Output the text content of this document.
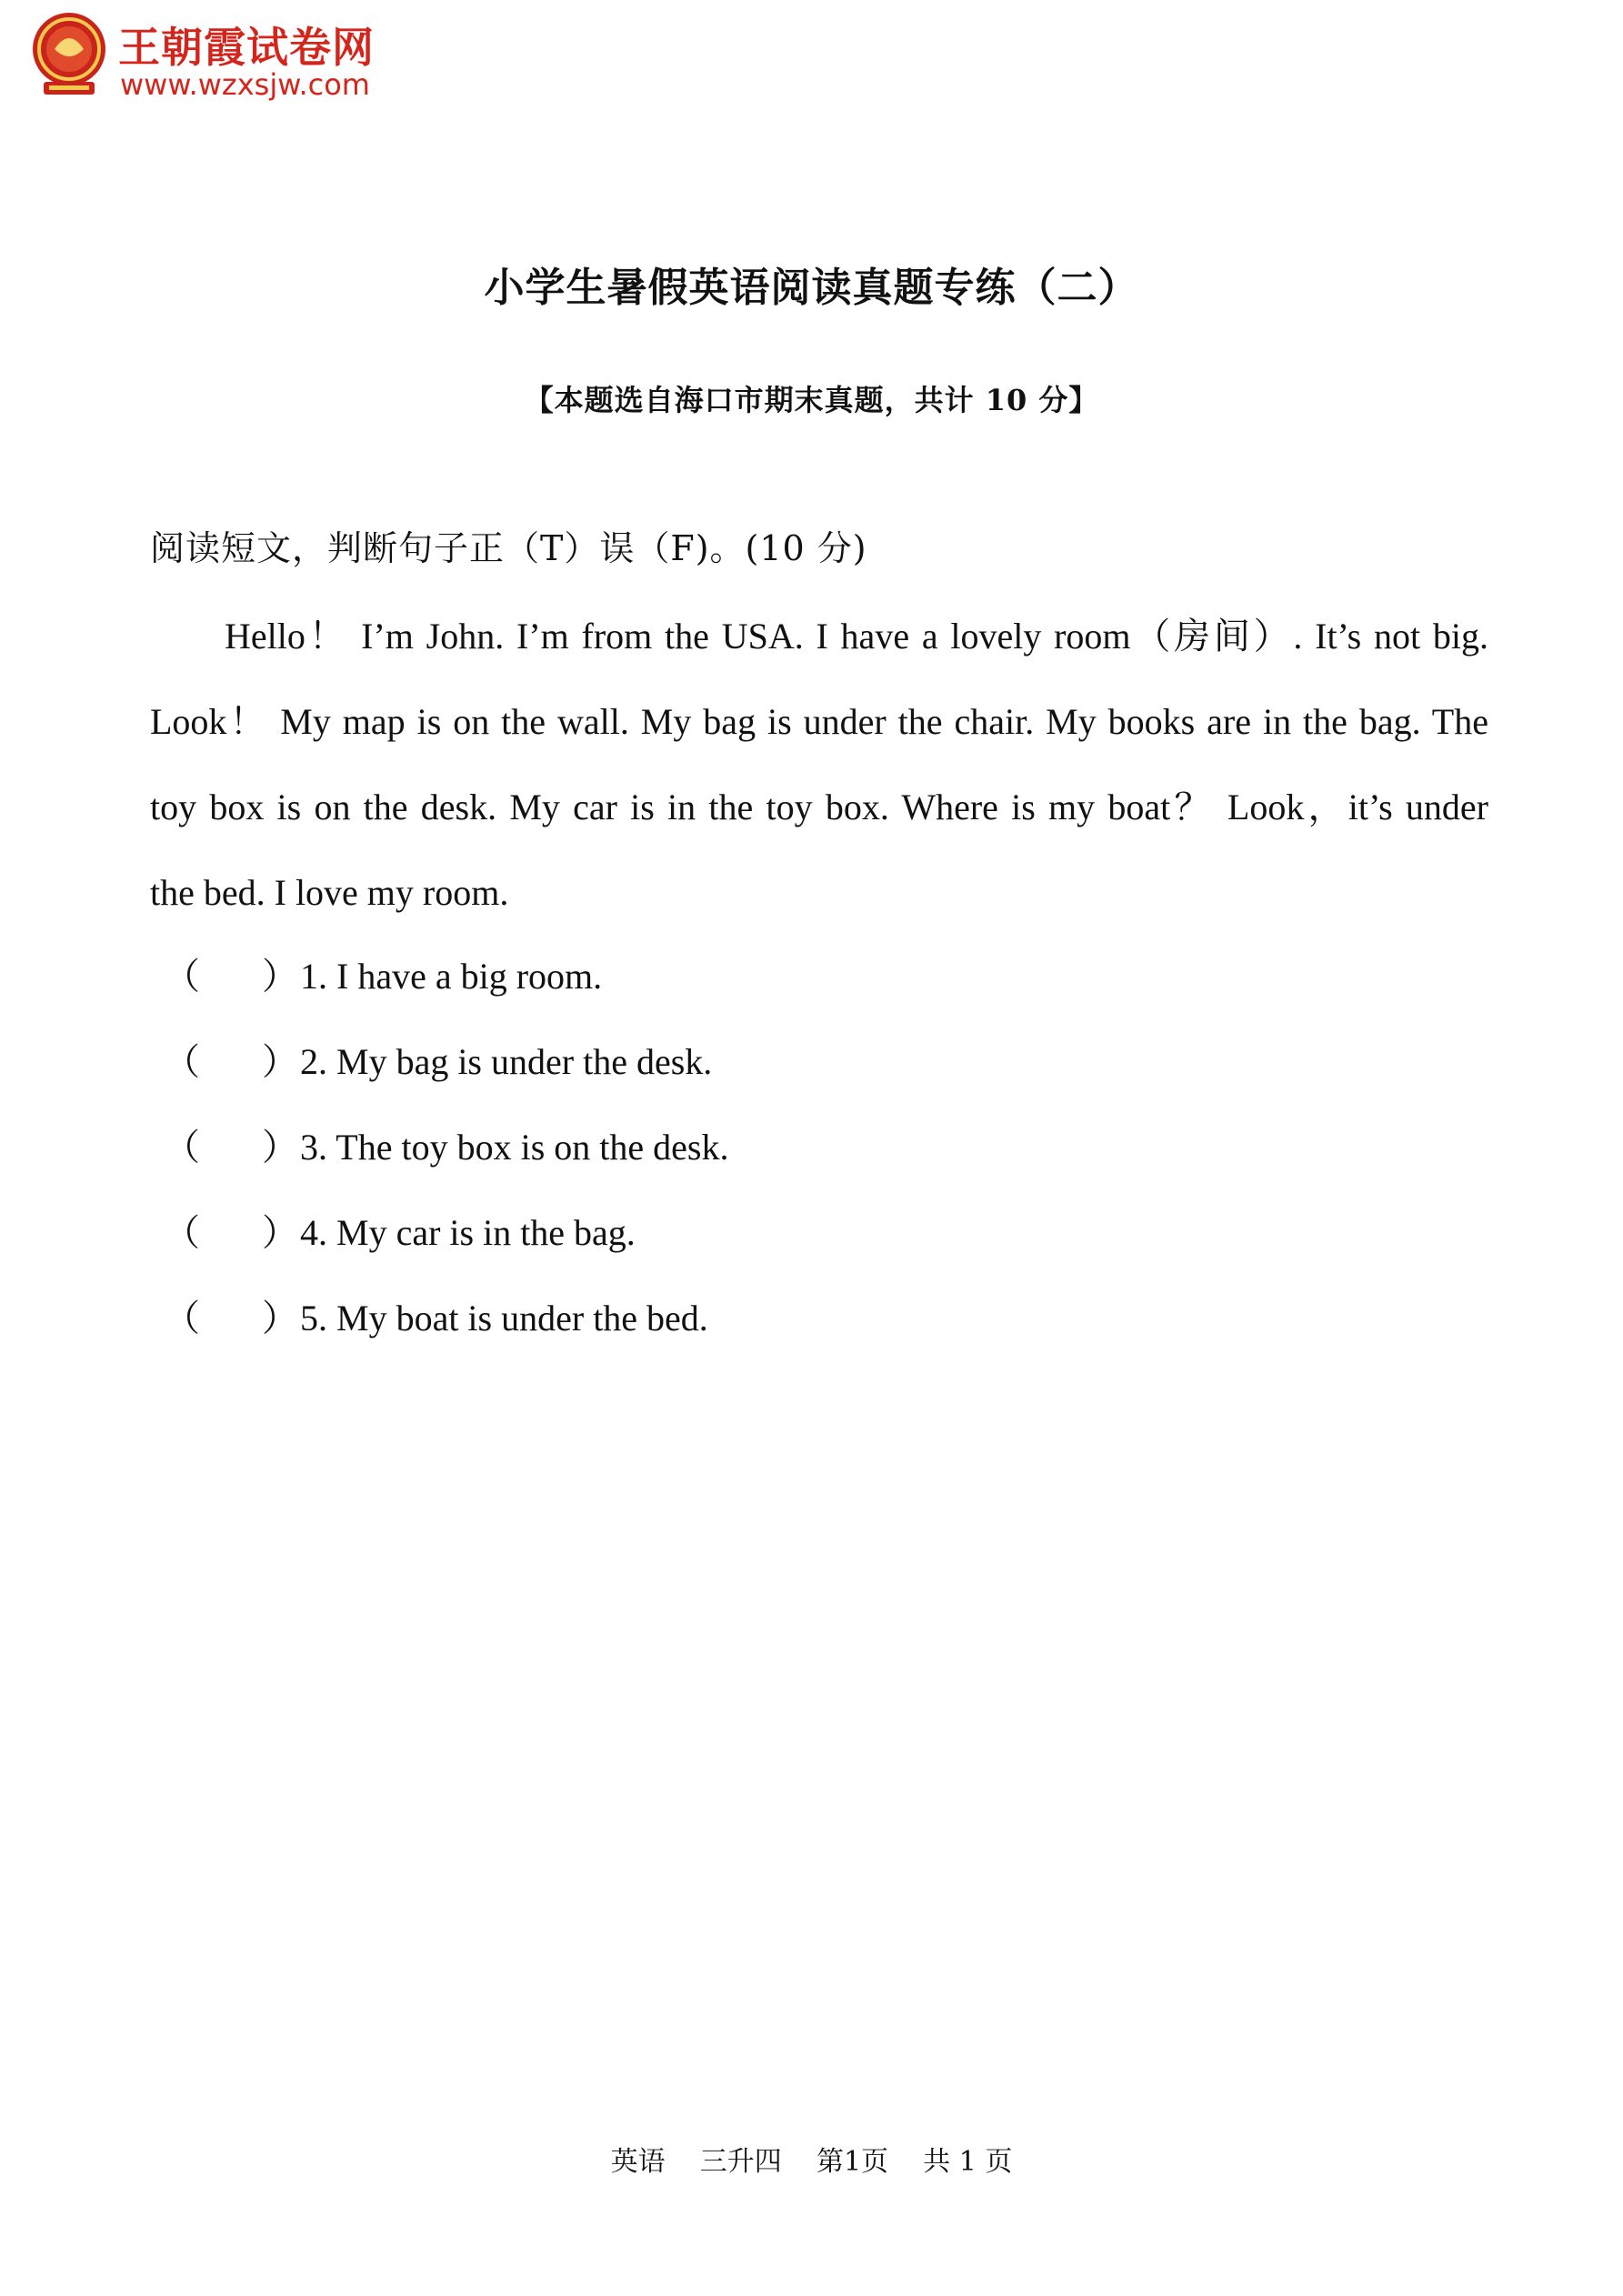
王朝霞试卷网
www.wzxsjw.com
小学生暑假英语阅读真题专练（二）
【本题选自海口市期末真题，共计 10 分】
阅读短文，判断句子正（T）误（F)。(10 分)
Hello！ I’m John. I’m from the USA. I have a lovely room（房间）. It’s not big.
Look！ My map is on the wall. My bag is under the chair. My books are in the bag. The
toy box is on the desk. My car is in the toy box. Where is my boat？ Look，it’s under
the bed. I love my room.
（ ）1. I have a big room.
（ ）2. My bag is under the desk.
（ ）3. The toy box is on the desk.
（ ）4. My car is in the bag.
（ ）5. My boat is under the bed.
英语    三升四    第1页    共 1 页
